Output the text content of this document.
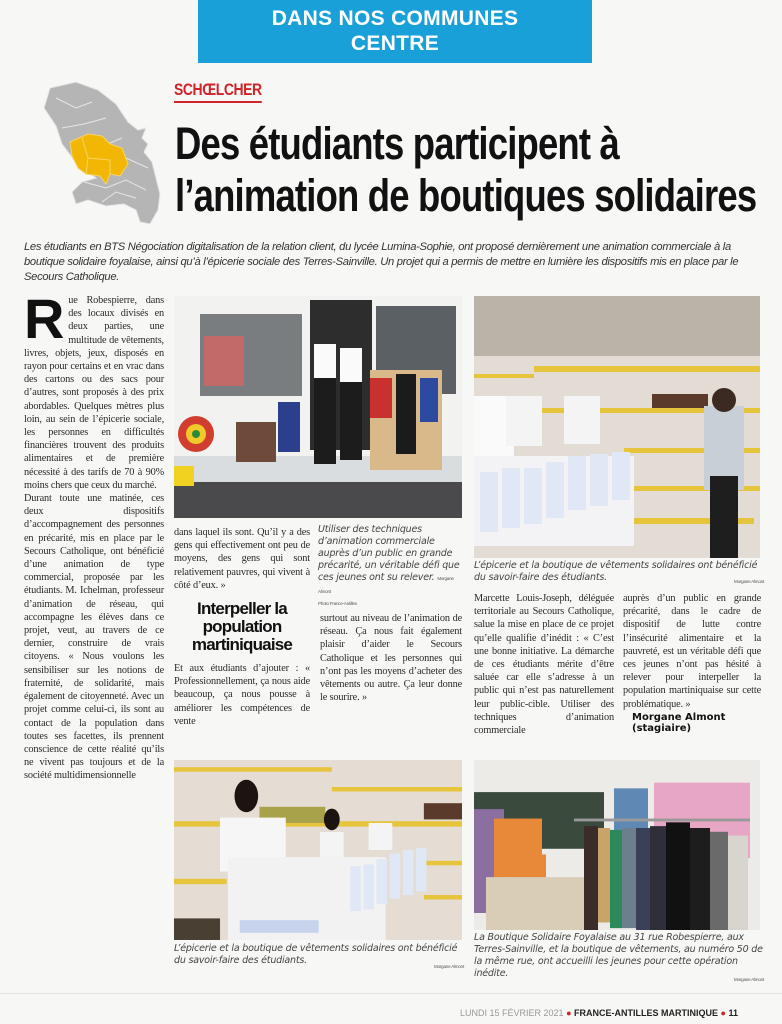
DANS NOS COMMUNES
CENTRE
SCHŒLCHER
Des étudiants participent à
l’animation de boutiques solidaires
Les étudiants en BTS Négociation digitalisation de la relation client, du lycée Lumina-Sophie, ont proposé dernièrement une animation commerciale à la boutique solidaire foyalaise, ainsi qu’à l’épicerie sociale des Terres-Sainville. Un projet qui a permis de mettre en lumière les dispositifs mis en place par le Secours Catholique.
R ue Robespierre, dans des locaux divisés en deux parties, une multitude de vêtements, livres, objets, jeux, disposés en rayon pour certains et en vrac dans des cartons ou des sacs pour d’autres, sont proposés à des prix abordables. Quelques mètres plus loin, au sein de l’épicerie sociale, les personnes en difficultés financières trouvent des produits alimentaires et de première nécessité à des tarifs de 70 à 90% moins chers que ceux du marché.

Durant toute une matinée, ces deux dispositifs d’accompagnement des personnes en précarité, mis en place par le Secours Catholique, ont bénéficié d’une animation de type commercial, proposée par les étudiants. M. Ichelman, professeur d’animation de réseau, qui accompagne les élèves dans ce projet, veut, au travers de ce dernier, construire de vrais citoyens. « Nous voulons les sensibiliser sur les notions de fraternité, de solidarité, mais également de citoyenneté. Avec un projet comme celui-ci, ils sont au contact de la population dans toutes ses facettes, ils prennent conscience de cette réalité qu’ils ne vivent pas toujours et de la société multidimensionnelle

dans laquel ils sont. Qu’il y a des gens qui effectivement ont peu de moyens, des gens qui sont relativement pauvres, qui vivent à côté d’eux. »

Interpeller la population martiniquaise

Et aux étudiants d’ajouter : « Professionnellement, ça nous aide beaucoup, ça nous pousse à améliorer les compétences de vente

Utiliser des techniques d’animation commerciale auprès d’un public en grande précarité, un véritable défi que ces jeunes ont su relever. Morgane Almont
Photo France-Antilles

surtout au niveau de l’animation de réseau. Ça nous fait également plaisir d’aider le Secours Catholique et les personnes qui n’ont pas les moyens d’acheter des vêtements ou autre. Ça leur donne le sourire. »

L’épicerie et la boutique de vêtements solidaires ont bénéficié du savoir-faire des étudiants.	Morgane Almont

Marcette Louis-Joseph, déléguée territoriale au Secours Catholique, salue la mise en place de ce projet qu’elle qualifie d’inédit : « C’est une bonne initiative. La démarche de ces étudiants mérite d’être saluée car elle s’adresse à un public qui n’est pas naturellement leur public-cible. Utiliser des techniques d’animation commerciale

auprès d’un public en grande précarité, dans le cadre de dispositif de lutte contre l’insécurité alimentaire et la pauvreté, est un véritable défi que ces jeunes n’ont pas hésité à relever pour interpeller la population martiniquaise sur cette problématique. »

Morgane Almont (stagiaire)
L’épicerie et la boutique de vêtements solidaires ont bénéficié du savoir-faire des étudiants.
Morgane Almont
La Boutique Solidaire Foyalaise au 31 rue Robespierre, aux Terres-Sainville, et la boutique de vêtements, au numéro 50 de la même rue, ont accueilli les jeunes pour cette opération inédite.
Morgane Almont
LUNDI 15 FÉVRIER 2021 ● FRANCE-ANTILLES MARTINIQUE ● 11
